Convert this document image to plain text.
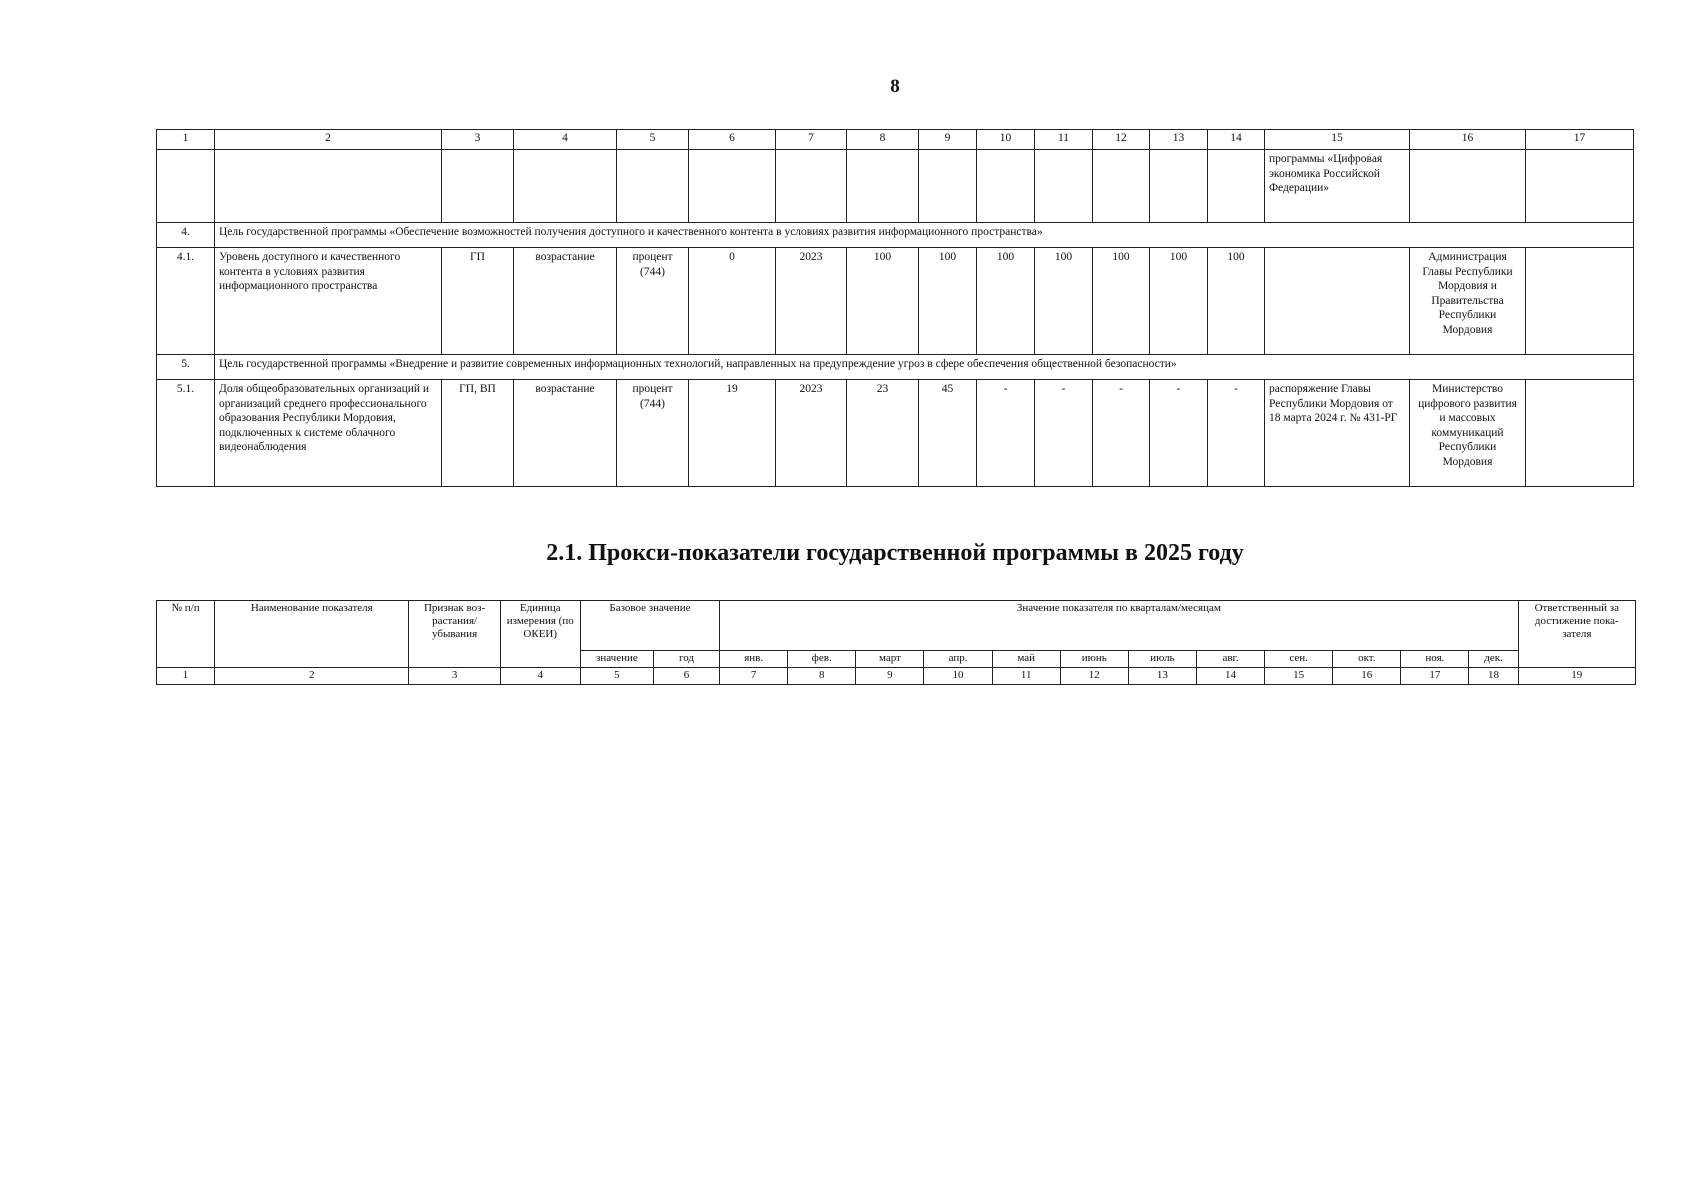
8
1	2	3	4	5	6	7	8	9	10	11	12	13	14	15	16	17
														программы «Цифровая экономика Российской Федерации»		
4.	Цель государственной программы «Обеспечение возможностей получения доступного и качественного контента в условиях развития информационного пространства»															
4.1.	Уровень доступного и качественного контента в условиях развития информационного пространства	ГП	возрастание	процент (744)	0	2023	100	100	100	100	100	100	100		Администрация Главы Республики Мордовия и Правительства Республики Мордовия	
5.	Цель государственной программы «Внедрение и развитие современных информационных технологий, направленных на предупреждение угроз в сфере обеспечения общественной безопасности»															
5.1.	Доля общеобразовательных организаций и организаций среднего профессионального образования Республики Мордовия, подключенных к системе облачного видеонаблюдения	ГП, ВП	возрастание	процент (744)	19	2023	23	45	-	-	-	-	-	распоряжение Главы Республики Мордовия от 18 марта 2024 г. № 431-РГ	Министерство цифрового развития и массовых коммуникаций Республики Мордовия	
2.1. Прокси-показатели государственной программы в 2025 году
№ п/п	Наименование показателя	Признак воз-растания/ убывания	Единица измерения (по ОКЕИ)	Базовое значение		Значение показателя по кварталам/месяцам												Ответственный за достижение пока-зателя
				значение	год	янв.	фев.	март	апр.	май	июнь	июль	авг.	сен.	окт.	ноя.	дек.	
1	2	3	4	5	6	7	8	9	10	11	12	13	14	15	16	17	18	19
